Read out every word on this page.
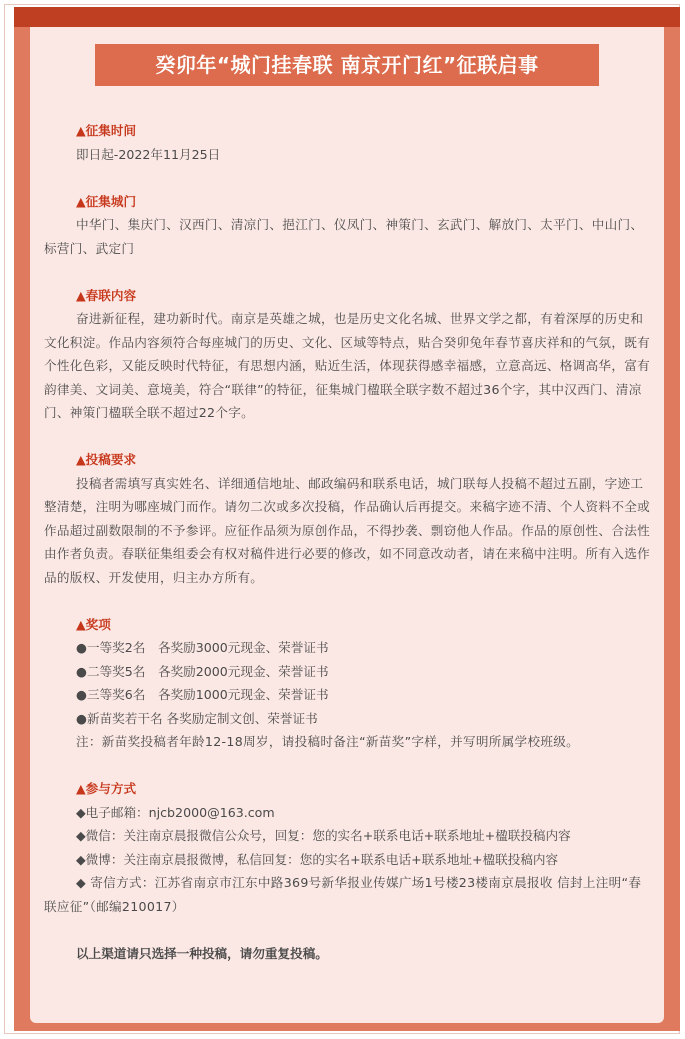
癸卯年“城门挂春联 南京开门红”征联启事

▲征集时间

即日起-2022年11月25日

▲征集城门

中华门、集庆门、汉西门、清凉门、挹江门、仪凤门、神策门、玄武门、解放门、太平门、中山门、标营门、武定门

▲春联内容

奋进新征程，建功新时代。南京是英雄之城，也是历史文化名城、世界文学之都，有着深厚的历史和文化积淀。作品内容须符合每座城门的历史、文化、区域等特点，贴合癸卯兔年春节喜庆祥和的气氛，既有个性化色彩，又能反映时代特征，有思想内涵，贴近生活，体现获得感幸福感，立意高远、格调高华，富有韵律美、文词美、意境美，符合“联律”的特征，征集城门楹联全联字数不超过36个字，其中汉西门、清凉门、神策门楹联全联不超过22个字。

▲投稿要求

投稿者需填写真实姓名、详细通信地址、邮政编码和联系电话，城门联每人投稿不超过五副，字迹工整清楚，注明为哪座城门而作。请勿二次或多次投稿，作品确认后再提交。来稿字迹不清、个人资料不全或作品超过副数限制的不予参评。应征作品须为原创作品，不得抄袭、剽窃他人作品。作品的原创性、合法性由作者负责。春联征集组委会有权对稿件进行必要的修改，如不同意改动者，请在来稿中注明。所有入选作品的版权、开发使用，归主办方所有。

▲奖项

●一等奖2名　各奖励3000元现金、荣誉证书

●二等奖5名　各奖励2000元现金、荣誉证书

●三等奖6名　各奖励1000元现金、荣誉证书

●新苗奖若干名 各奖励定制文创、荣誉证书

注：新苗奖投稿者年龄12-18周岁，请投稿时备注“新苗奖”字样，并写明所属学校班级。

▲参与方式

◆电子邮箱：njcb2000@163.com

◆微信：关注南京晨报微信公众号，回复：您的实名+联系电话+联系地址+楹联投稿内容

◆微博：关注南京晨报微博，私信回复：您的实名+联系电话+联系地址+楹联投稿内容

◆ 寄信方式：江苏省南京市江东中路369号新华报业传媒广场1号楼23楼南京晨报收 信封上注明“春联应征”（邮编210017）

以上渠道请只选择一种投稿，请勿重复投稿。
